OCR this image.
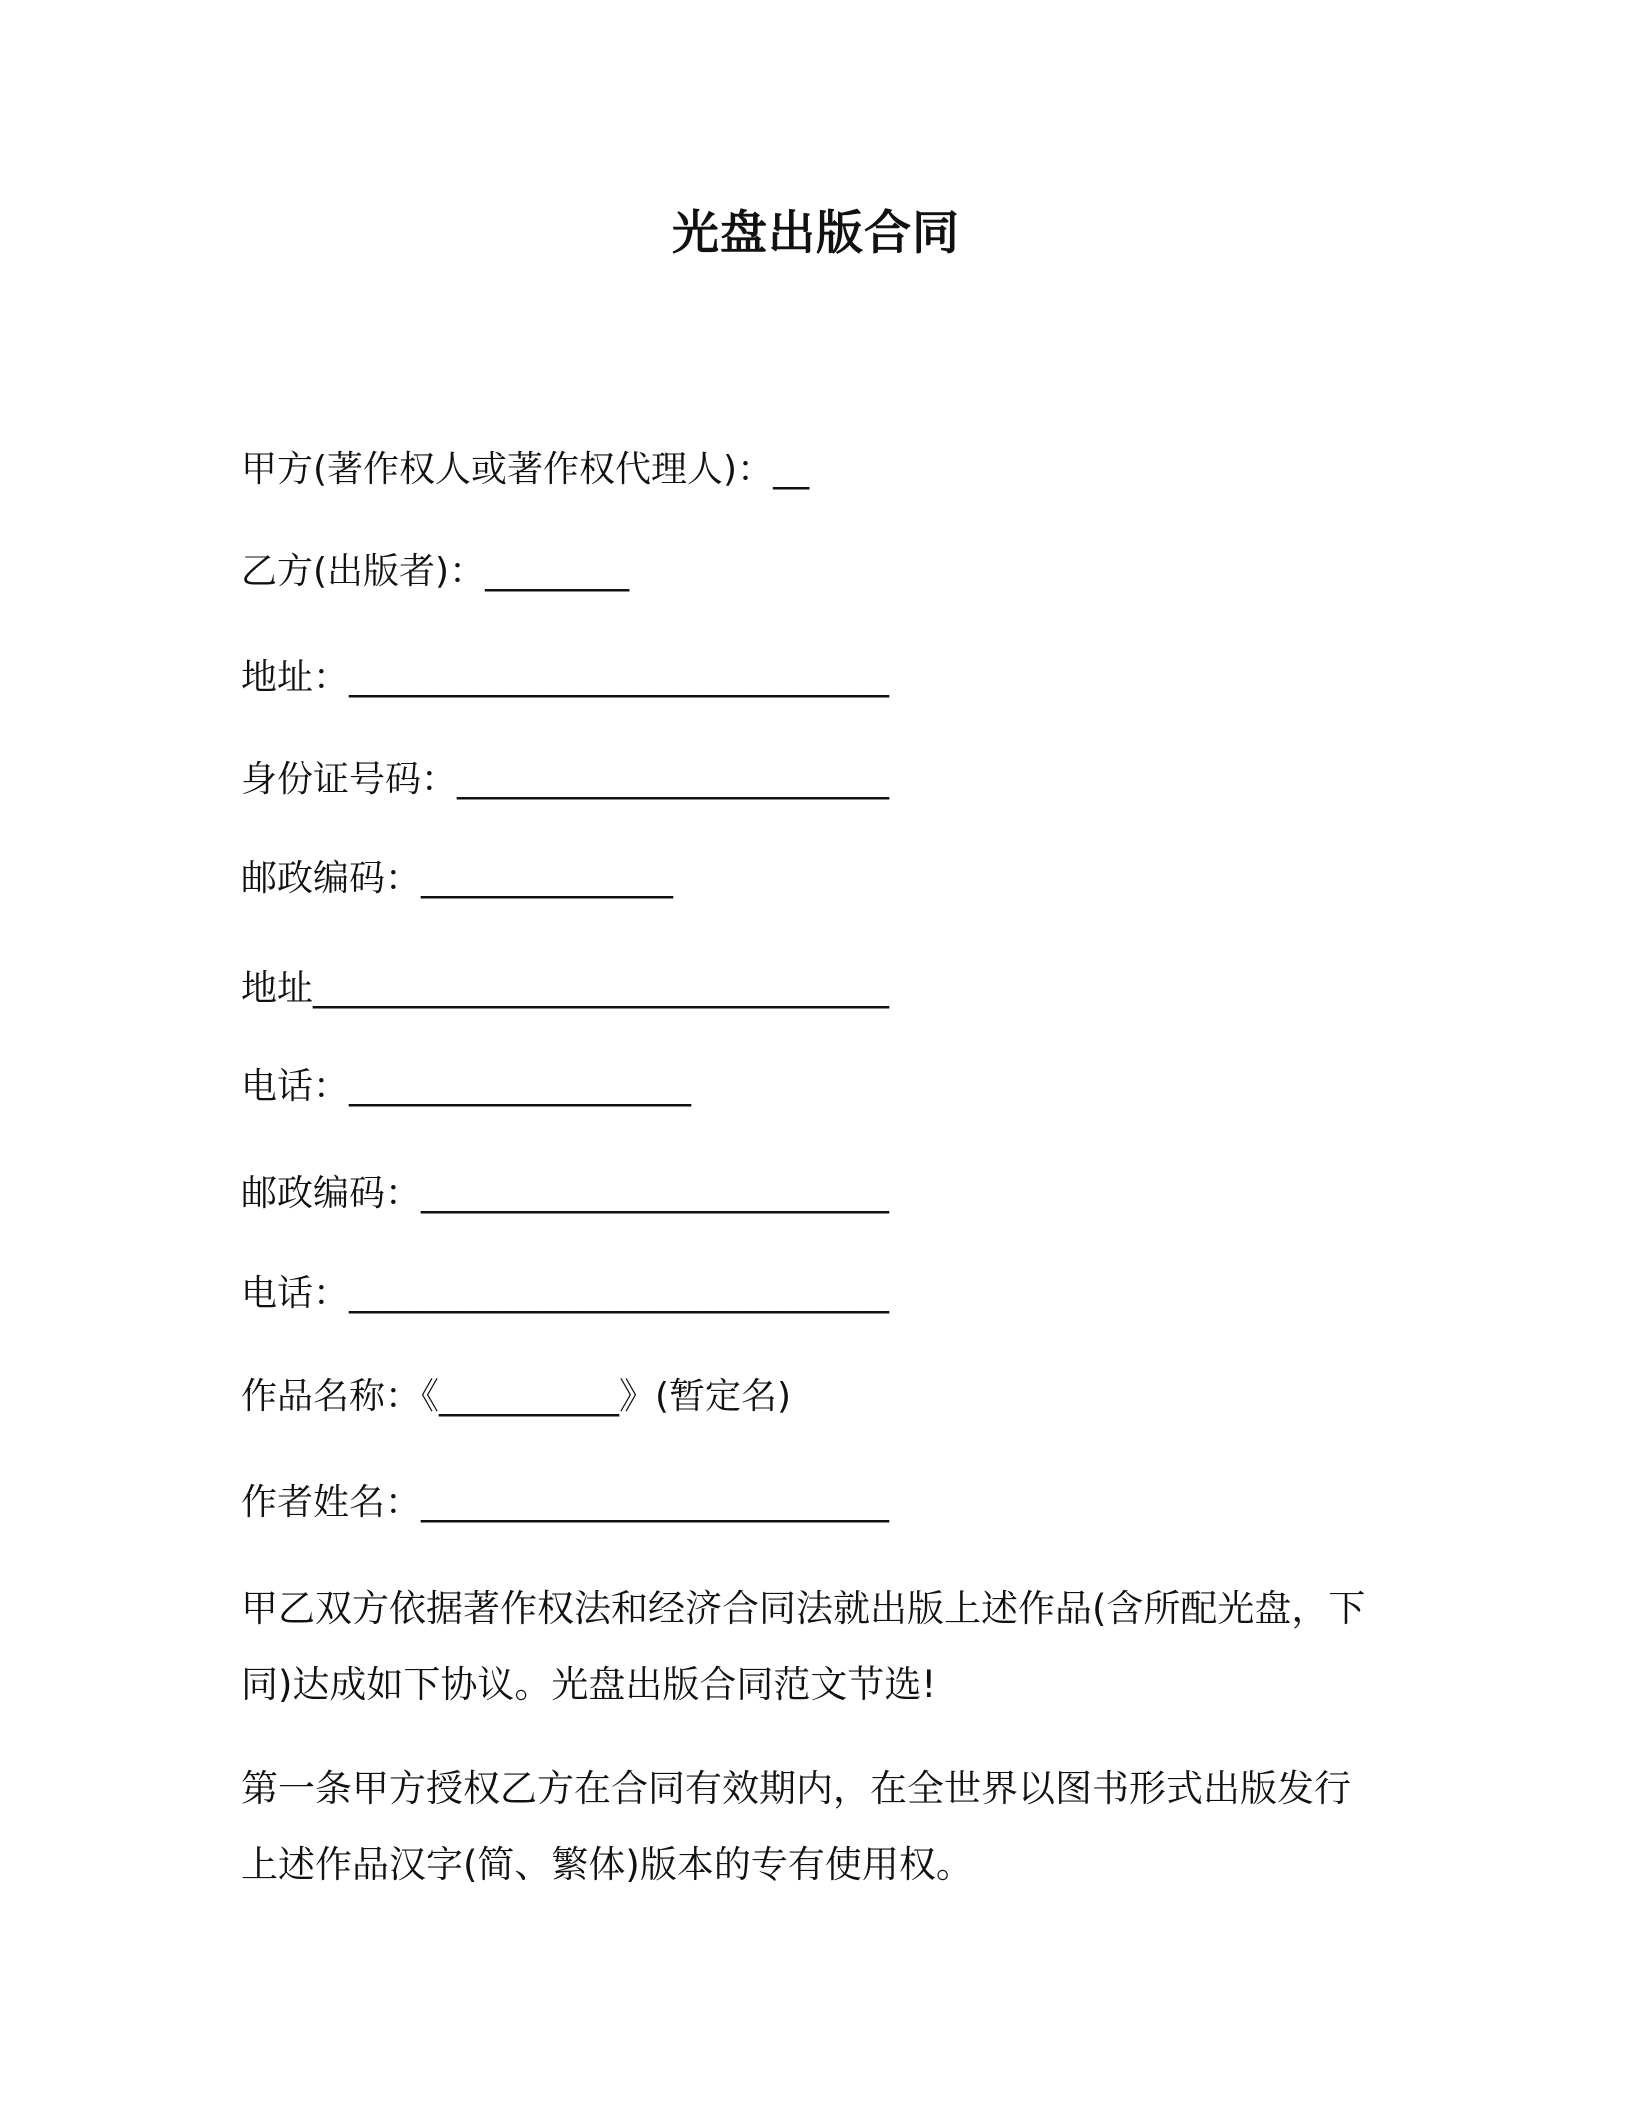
光盘出版合同
甲方(著作权人或著作权代理人)：__
乙方(出版者)：________
地址：______________________________
身份证号码：________________________
邮政编码：______________
地址________________________________
电话：___________________
邮政编码：__________________________
电话：______________________________
作品名称：《__________》(暂定名)
作者姓名：__________________________
甲乙双方依据著作权法和经济合同法就出版上述作品(含所配光盘，下
同)达成如下协议。光盘出版合同范文节选!
第一条甲方授权乙方在合同有效期内，在全世界以图书形式出版发行
上述作品汉字(简、繁体)版本的专有使用权。
